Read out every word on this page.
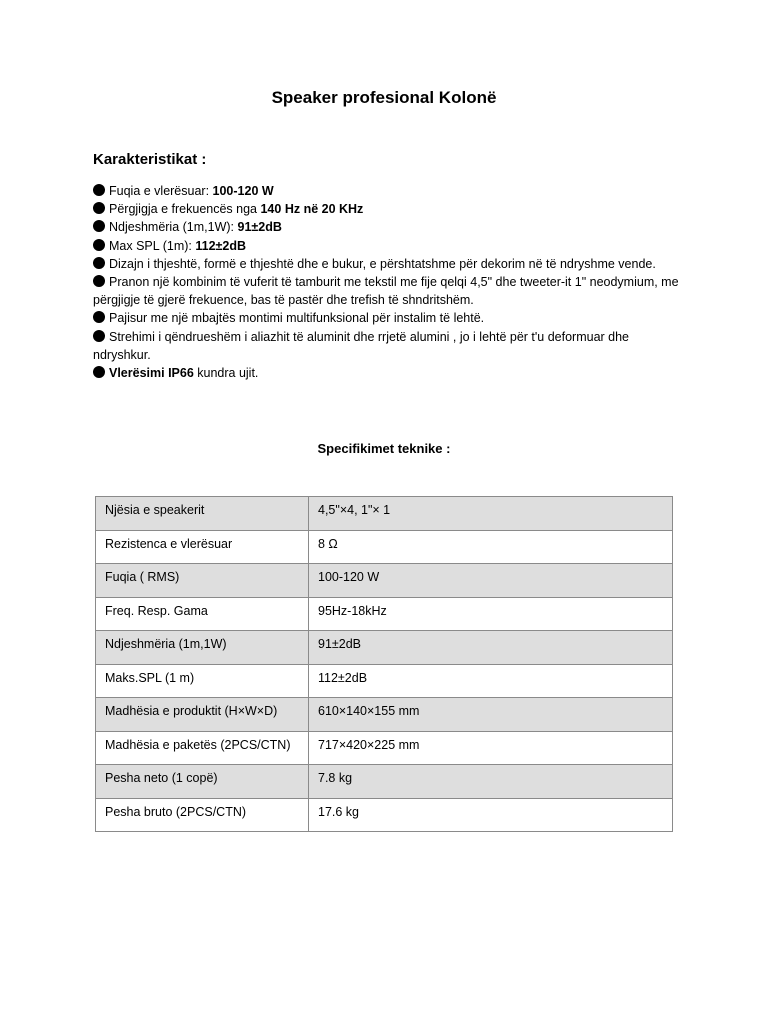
Speaker profesional Kolonë
Karakteristikat :
Fuqia e vlerësuar: 100-120 W
Përgjigja e frekuencës nga 140 Hz në 20 KHz
Ndjeshmëria (1m,1W): 91±2dB
Max SPL (1m): 112±2dB
Dizajn i thjeshtë, formë e thjeshtë dhe e bukur, e përshtatshme për dekorim në të ndryshme vende.
Pranon një kombinim të vuferit të tamburit me tekstil me fije qelqi 4,5" dhe tweeter-it 1" neodymium, me përgjigje të gjerë frekuence, bas të pastër dhe trefish të shndritshëm.
Pajisur me një mbajtës montimi multifunksional për instalim të lehtë.
Strehimi i qëndrueshëm i aliazhit të aluminit dhe rrjetë alumini , jo i lehtë për t'u deformuar dhe ndryshkur.
Vlerësimi IP66 kundra ujit.
Specifikimet teknike :
Njësia e speakerit	4,5"×4, 1"× 1
Rezistenca e vlerësuar	8 Ω
Fuqia ( RMS)	100-120 W
Freq. Resp. Gama	95Hz-18kHz
Ndjeshmëria (1m,1W)	91±2dB
Maks.SPL (1 m)	112±2dB
Madhësia e produktit (H×W×D)	610×140×155 mm
Madhësia e paketës (2PCS/CTN)	717×420×225 mm
Pesha neto (1 copë)	7.8 kg
Pesha bruto (2PCS/CTN)	17.6 kg
